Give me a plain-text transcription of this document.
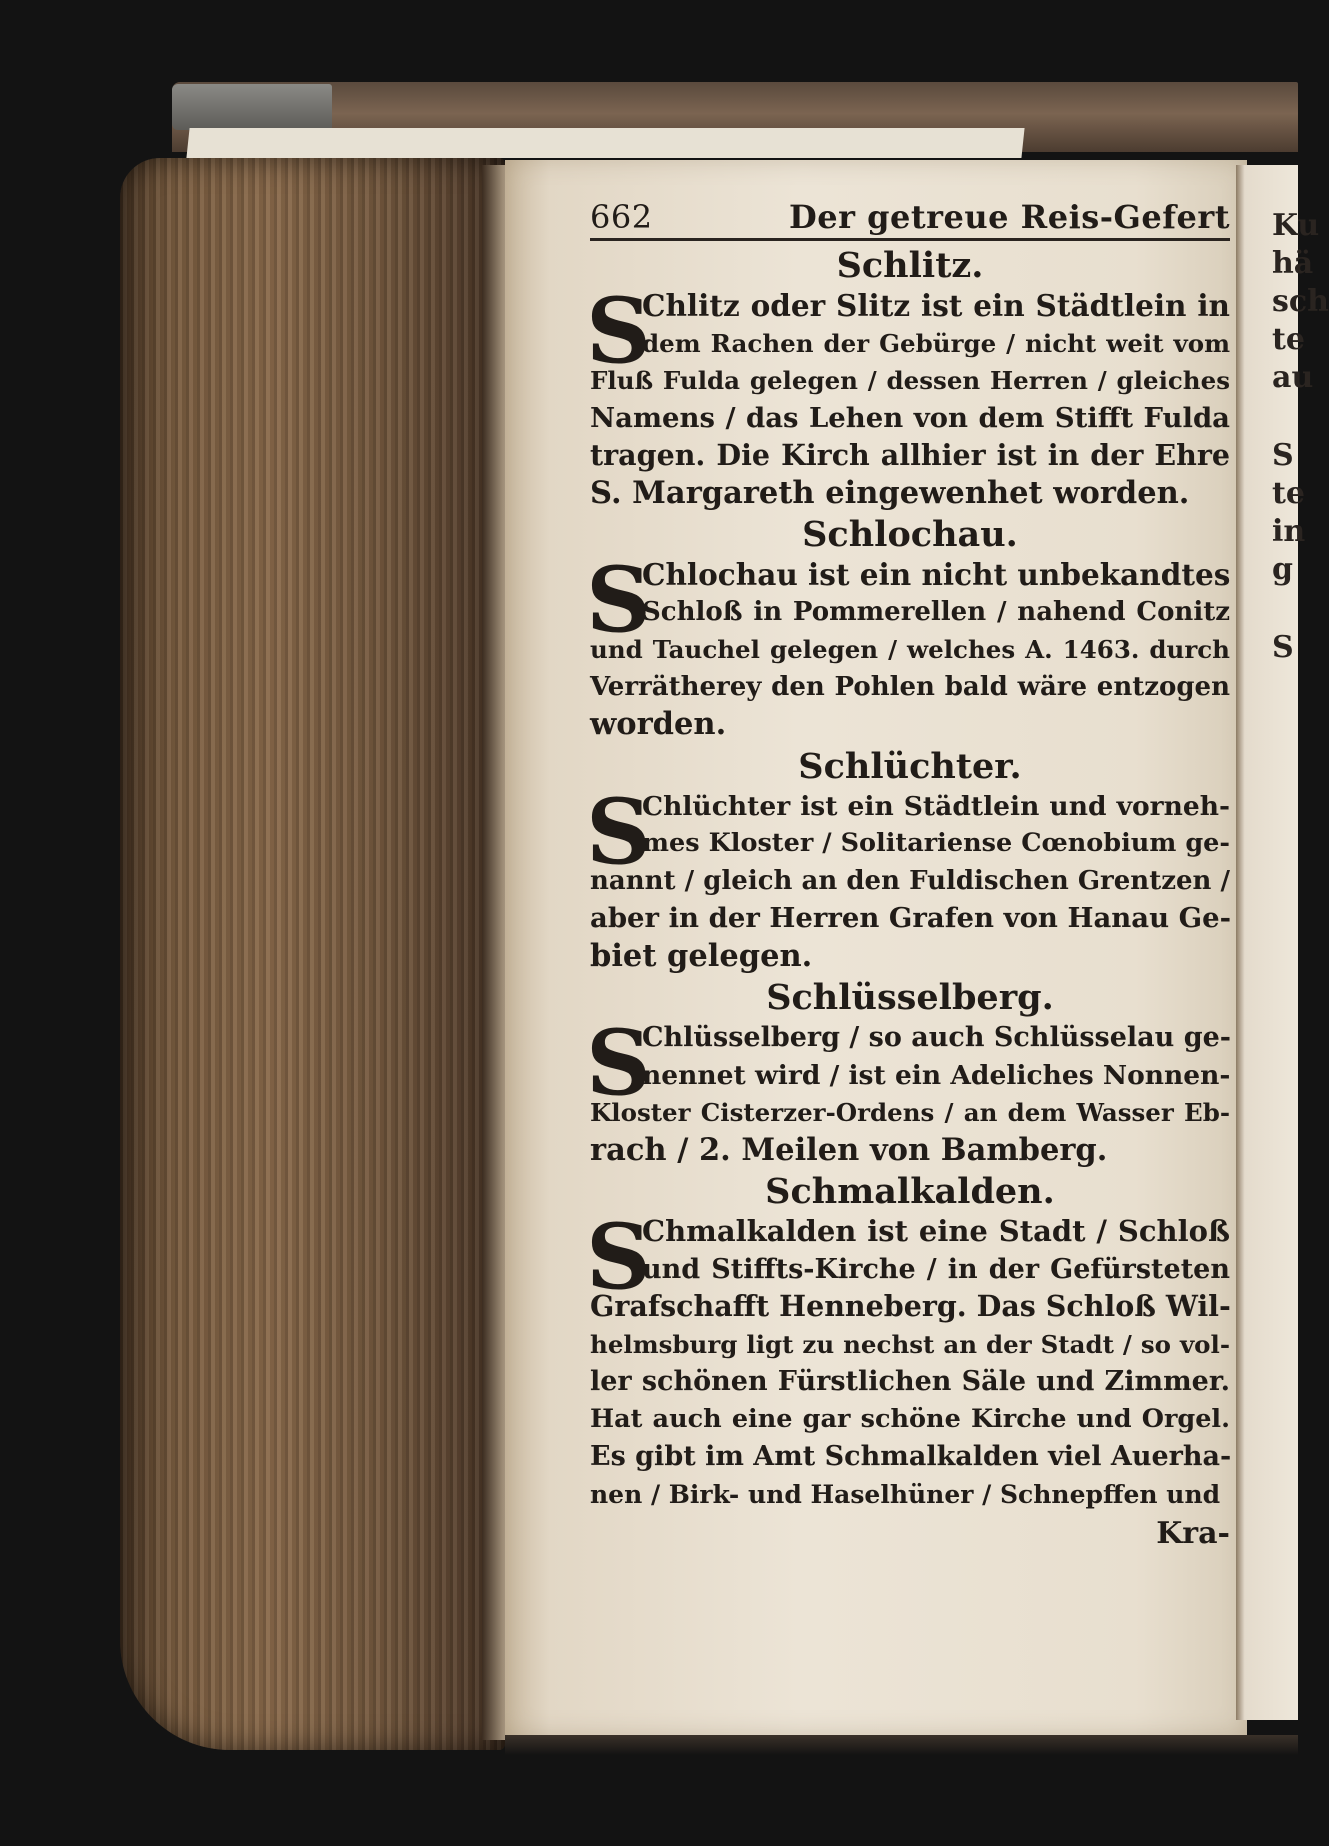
Ku
hä
sch
te
au
S
te
in
g
S
662	Der getreue Reis-Gefert
Schlitz.
S
Chlitz oder Slitz ist ein Städtlein in
dem Rachen der Gebürge / nicht weit vom
Fluß Fulda gelegen / dessen Herren / gleiches
Namens / das Lehen von dem Stifft Fulda
tragen. Die Kirch allhier ist in der Ehre
S. Margareth eingewenhet worden.
Schlochau.
S
Chlochau ist ein nicht unbekandtes
Schloß in Pommerellen / nahend Conitz
und Tauchel gelegen / welches A. 1463. durch
Verrätherey den Pohlen bald wäre entzogen
worden.
Schlüchter.
S
Chlüchter ist ein Städtlein und vorneh-
mes Kloster / Solitariense Cœnobium ge-
nannt / gleich an den Fuldischen Grentzen /
aber in der Herren Grafen von Hanau Ge-
biet gelegen.
Schlüsselberg.
S
Chlüsselberg / so auch Schlüsselau ge-
nennet wird / ist ein Adeliches Nonnen-
Kloster Cisterzer-Ordens / an dem Wasser Eb-
rach / 2. Meilen von Bamberg.
Schmalkalden.
S
Chmalkalden ist eine Stadt / Schloß
und Stiffts-Kirche / in der Gefürsteten
Grafschafft Henneberg. Das Schloß Wil-
helmsburg ligt zu nechst an der Stadt / so vol-
ler schönen Fürstlichen Säle und Zimmer.
Hat auch eine gar schöne Kirche und Orgel.
Es gibt im Amt Schmalkalden viel Auerha-
nen / Birk- und Haselhüner / Schnepffen und
Kra-
